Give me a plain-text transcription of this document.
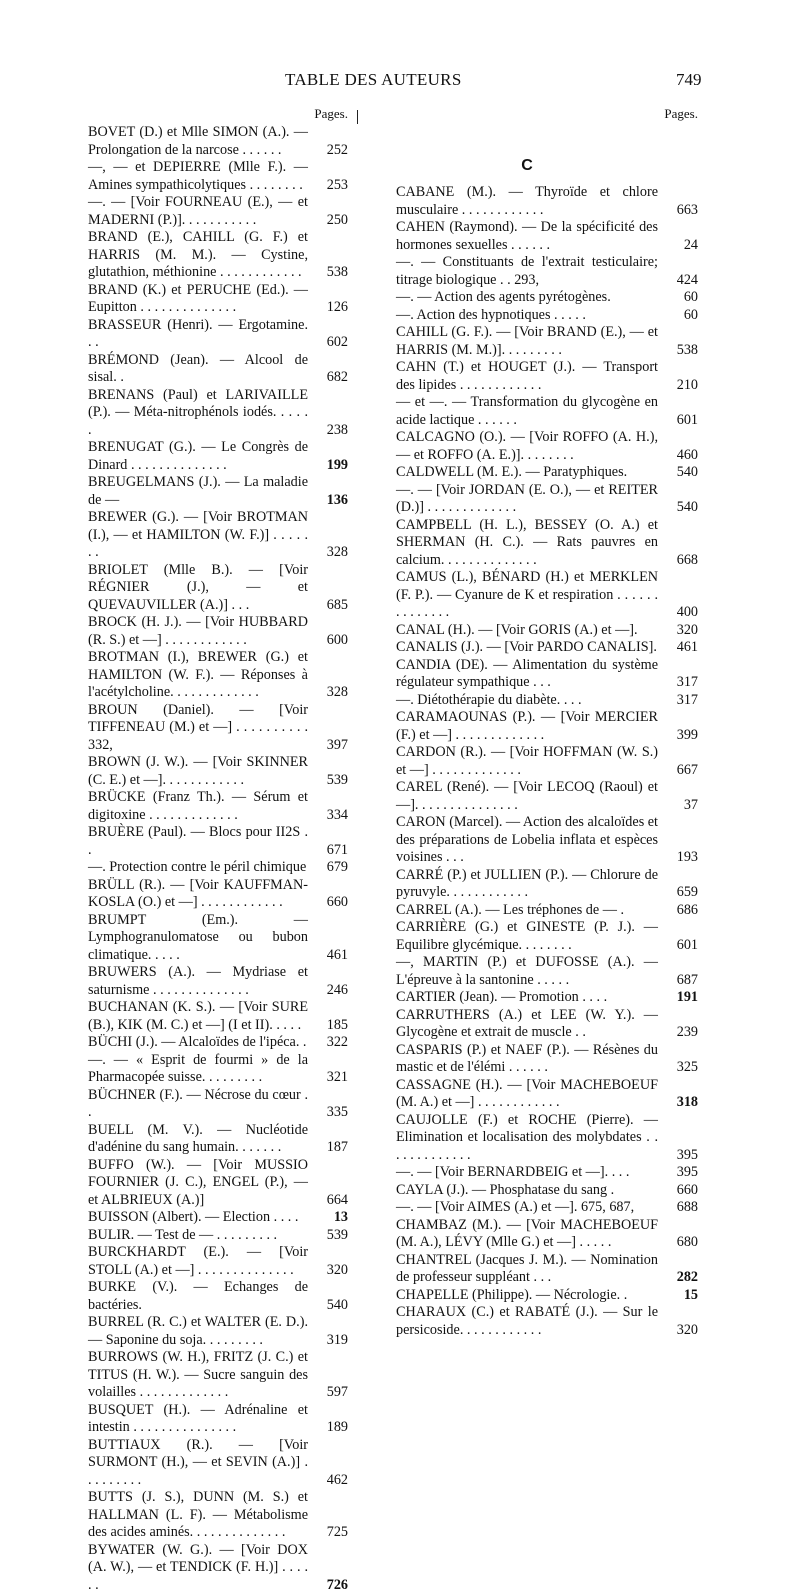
TABLE DES AUTEURS	749
Pages.
BOVET (D.) et Mlle SIMON (A.). — Prolongation de la narcose . . . . . .	252
—, — et DEPIERRE (Mlle F.). — Amines sympathicolytiques . . . . . . . .	253
—. — [Voir FOURNEAU (E.), — et MADERNI (P.)]. . . . . . . . . . .	250
BRAND (E.), CAHILL (G. F.) et HARRIS (M. M.). — Cystine, glutathion, méthionine . . . . . . . . . . . .	538
BRAND (K.) et PERUCHE (Ed.). — Eupitton . . . . . . . . . . . . . .	126
BRASSEUR (Henri). — Ergotamine. . .	602
BRÉMOND (Jean). — Alcool de sisal. .	682
BRENANS (Paul) et LARIVAILLE (P.). — Méta-nitrophénols iodés. . . . . .	238
BRENUGAT (G.). — Le Congrès de Dinard . . . . . . . . . . . . . .	199
BREUGELMANS (J.). — La maladie de —	136
BREWER (G.). — [Voir BROTMAN (I.), — et HAMILTON (W. F.)] . . . . . . .	328
BRIOLET (Mlle B.). — [Voir RÉGNIER (J.), — et QUEVAUVILLER (A.)] . . .	685
BROCK (H. J.). — [Voir HUBBARD (R. S.) et —] . . . . . . . . . . . .	600
BROTMAN (I.), BREWER (G.) et HAMILTON (W. F.). — Réponses à l'acétylcholine. . . . . . . . . . . . .	328
BROUN (Daniel). — [Voir TIFFENEAU (M.) et —] . . . . . . . . . . 332,	397
BROWN (J. W.). — [Voir SKINNER (C. E.) et —]. . . . . . . . . . . .	539
BRÜCKE (Franz Th.). — Sérum et digitoxine . . . . . . . . . . . . .	334
BRUÈRE (Paul). — Blocs pour II2S . .	671
—. Protection contre le péril chimique 679
BRÜLL (R.). — [Voir KAUFFMAN-KOSLA (O.) et —] . . . . . . . . . . . .	660
BRUMPT (Em.). — Lymphogranulomatose ou bubon climatique. . . . .	461
BRUWERS (A.). — Mydriase et saturnisme . . . . . . . . . . . . . .	246
BUCHANAN (K. S.). — [Voir SURE (B.), KIK (M. C.) et —] (I et II). . . . .	185
BÜCHI (J.). — Alcaloïdes de l'ipéca. . 322
—. — « Esprit de fourmi » de la Pharmacopée suisse. . . . . . . . .	321
BÜCHNER (F.). — Nécrose du cœur . .	335
BUELL (M. V.). — Nucléotide d'adénine du sang humain. . . . . . .	187
BUFFO (W.). — [Voir MUSSIO FOURNIER (J. C.), ENGEL (P.), — et ALBRIEUX (A.)]	664
BUISSON (Albert). — Election . . . .	13
BULIR. — Test de — . . . . . . . . .	539
BURCKHARDT (E.). — [Voir STOLL (A.) et —] . . . . . . . . . . . . . .	320
BURKE (V.). — Echanges de bactéries.	540
BURREL (R. C.) et WALTER (E. D.). — Saponine du soja. . . . . . . . .	319
BURROWS (W. H.), FRITZ (J. C.) et TITUS (H. W.). — Sucre sanguin des volailles . . . . . . . . . . . . .	597
BUSQUET (H.). — Adrénaline et intestin . . . . . . . . . . . . . . .	189
BUTTIAUX (R.). — [Voir SURMONT (H.), — et SEVIN (A.)] . . . . . . . . .	462
BUTTS (J. S.), DUNN (M. S.) et HALLMAN (L. F). — Métabolisme des acides aminés. . . . . . . . . . . . . .	725
BYWATER (W. G.). — [Voir DOX (A. W.), — et TENDICK (F. H.)] . . . . . .	726
Pages.
C
CABANE (M.). — Thyroïde et chlore musculaire . . . . . . . . . . . .	663
CAHEN (Raymond). — De la spécificité des hormones sexuelles . . . . . .	24
—. — Constituants de l'extrait testiculaire; titrage biologique . . 293,	424
—. — Action des agents pyrétogènes.	60
—. Action des hypnotiques . . . . .	60
CAHILL (G. F.). — [Voir BRAND (E.), — et HARRIS (M. M.)]. . . . . . . . .	538
CAHN (T.) et HOUGET (J.). — Transport des lipides . . . . . . . . . . . .	210
— et —. — Transformation du glycogène en acide lactique . . . . . .	601
CALCAGNO (O.). — [Voir ROFFO (A. H.), — et ROFFO (A. E.)]. . . . . . . .	460
CALDWELL (M. E.). — Paratyphiques.	540
—. — [Voir JORDAN (E. O.), — et REITER (D.)] . . . . . . . . . . . . .	540
CAMPBELL (H. L.), BESSEY (O. A.) et SHERMAN (H. C.). — Rats pauvres en calcium. . . . . . . . . . . . . .	668
CAMUS (L.), BÉNARD (H.) et MERKLEN (F. P.). — Cyanure de K et respiration . . . . . . . . . . . . . .	400
CANAL (H.). — [Voir GORIS (A.) et —].	320
CANALIS (J.). — [Voir PARDO CANALIS]. 461
CANDIA (DE). — Alimentation du système régulateur sympathique . . .	317
—. Diétothérapie du diabète. . . .	317
CARAMAOUNAS (P.). — [Voir MERCIER (F.) et —] . . . . . . . . . . . . .	399
CARDON (R.). — [Voir HOFFMAN (W. S.) et —] . . . . . . . . . . . . .	667
CAREL (René). — [Voir LECOQ (Raoul) et —]. . . . . . . . . . . . . . .	37
CARON (Marcel). — Action des alcaloïdes et des préparations de Lobelia inflata et espèces voisines . . .	193
CARRÉ (P.) et JULLIEN (P.). — Chlorure de pyruvyle. . . . . . . . . . . .	659
CARREL (A.). — Les tréphones de — .	686
CARRIÈRE (G.) et GINESTE (P. J.). — Equilibre glycémique. . . . . . . .	601
—, MARTIN (P.) et DUFOSSE (A.). — L'épreuve à la santonine . . . . .	687
CARTIER (Jean). — Promotion . . . .	191
CARRUTHERS (A.) et LEE (W. Y.). — Glycogène et extrait de muscle . .	239
CASPARIS (P.) et NAEF (P.). — Résènes du mastic et de l'élémi . . . . . .	325
CASSAGNE (H.). — [Voir MACHEBOEUF (M. A.) et —] . . . . . . . . . . . .	318
CAUJOLLE (F.) et ROCHE (Pierre). — Elimination et localisation des molybdates . . . . . . . . . . . . .	395
—. — [Voir BERNARDBEIG et —]. . . .	395
CAYLA (J.). — Phosphatase du sang .	660
—. — [Voir AIMES (A.) et —]. 675, 687,	688
CHAMBAZ (M.). — [Voir MACHEBOEUF (M. A.), LÉVY (Mlle G.) et —] . . . . .	680
CHANTREL (Jacques J. M.). — Nomination de professeur suppléant . . .	282
CHAPELLE (Philippe). — Nécrologie. .	15
CHARAUX (C.) et RABATÉ (J.). — Sur le persicoside. . . . . . . . . . . .	320
